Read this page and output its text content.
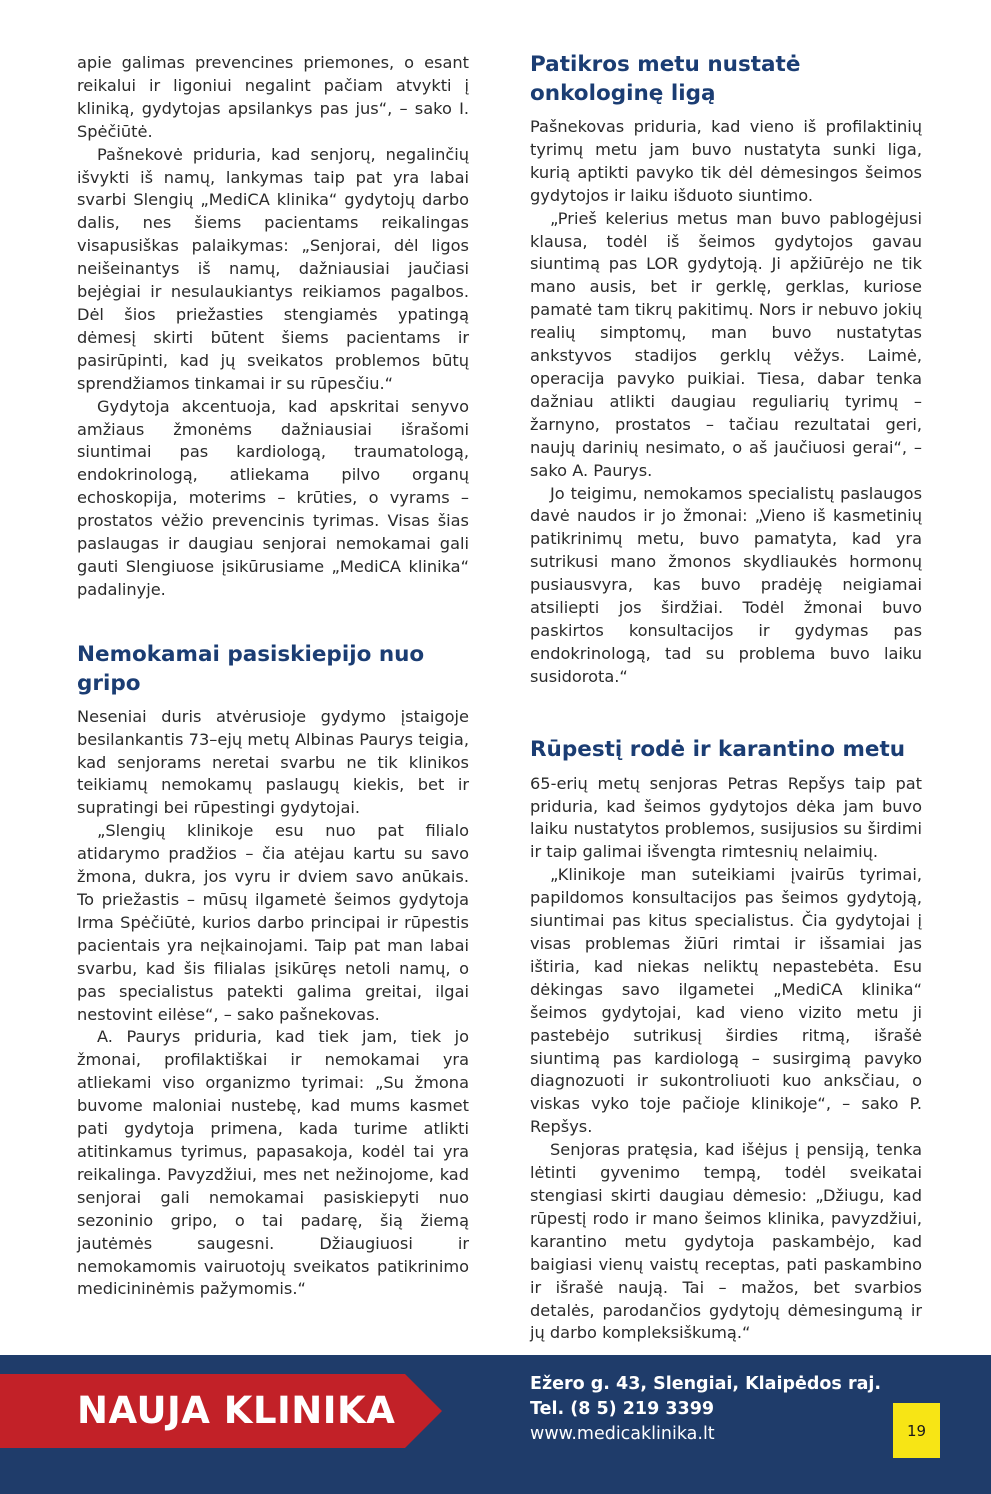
apie galimas prevencines priemones, o esant reikalui ir ligoniui negalint pačiam atvykti į kliniką, gydytojas apsilankys pas jus“, – sako I. Spėčiūtė.

Pašnekovė priduria, kad senjorų, negalinčių išvykti iš namų, lankymas taip pat yra labai svarbi Slengių „MediCA klinika“ gydytojų darbo dalis, nes šiems pacientams reikalingas visapusiškas palaikymas: „Senjorai, dėl ligos neišeinantys iš namų, dažniausiai jaučiasi bejėgiai ir nesulaukiantys reikiamos pagalbos. Dėl šios priežasties stengiamės ypatingą dėmesį skirti būtent šiems pacientams ir pasirūpinti, kad jų sveikatos problemos būtų sprendžiamos tinkamai ir su rūpesčiu.“

Gydytoja akcentuoja, kad apskritai senyvo amžiaus žmonėms dažniausiai išrašomi siuntimai pas kardiologą, traumatologą, endokrinologą, atliekama pilvo organų echoskopija, moterims – krūties, o vyrams – prostatos vėžio prevencinis tyrimas. Visas šias paslaugas ir daugiau senjorai nemokamai gali gauti Slengiuose įsikūrusiame „MediCA klinika“ padalinyje.

Nemokamai pasiskiepijo nuo gripo

Neseniai duris atvėrusioje gydymo įstaigoje besilankantis 73–ejų metų Albinas Paurys teigia, kad senjorams neretai svarbu ne tik klinikos teikiamų nemokamų paslaugų kiekis, bet ir supratingi bei rūpestingi gydytojai.

„Slengių klinikoje esu nuo pat filialo atidarymo pradžios – čia atėjau kartu su savo žmona, dukra, jos vyru ir dviem savo anūkais. To priežastis – mūsų ilgametė šeimos gydytoja Irma Spėčiūtė, kurios darbo principai ir rūpestis pacientais yra neįkainojami. Taip pat man labai svarbu, kad šis filialas įsikūręs netoli namų, o pas specialistus patekti galima greitai, ilgai nestovint eilėse“, – sako pašnekovas.

A. Paurys priduria, kad tiek jam, tiek jo žmonai, profilaktiškai ir nemokamai yra atliekami viso organizmo tyrimai: „Su žmona buvome maloniai nustebę, kad mums kasmet pati gydytoja primena, kada turime atlikti atitinkamus tyrimus, papasakoja, kodėl tai yra reikalinga. Pavyzdžiui, mes net nežinojome, kad senjorai gali nemokamai pasiskiepyti nuo sezoninio gripo, o tai padarę, šią žiemą jautėmės saugesni. Džiaugiuosi ir nemokamomis vairuotojų sveikatos patikrinimo medicininėmis pažymomis.“

Patikros metu nustatė onkologinę ligą

Pašnekovas priduria, kad vieno iš profilaktinių tyrimų metu jam buvo nustatyta sunki liga, kurią aptikti pavyko tik dėl dėmesingos šeimos gydytojos ir laiku išduoto siuntimo.

„Prieš kelerius metus man buvo pablogėjusi klausa, todėl iš šeimos gydytojos gavau siuntimą pas LOR gydytoją. Ji apžiūrėjo ne tik mano ausis, bet ir gerklę, gerklas, kuriose pamatė tam tikrų pakitimų. Nors ir nebuvo jokių realių simptomų, man buvo nustatytas ankstyvos stadijos gerklų vėžys. Laimė, operacija pavyko puikiai. Tiesa, dabar tenka dažniau atlikti daugiau reguliarių tyrimų – žarnyno, prostatos – tačiau rezultatai geri, naujų darinių nesimato, o aš jaučiuosi gerai“, – sako A. Paurys.

Jo teigimu, nemokamos specialistų paslaugos davė naudos ir jo žmonai: „Vieno iš kasmetinių patikrinimų metu, buvo pamatyta, kad yra sutrikusi mano žmonos skydliaukės hormonų pusiausvyra, kas buvo pradėję neigiamai atsiliepti jos širdžiai. Todėl žmonai buvo paskirtos konsultacijos ir gydymas pas endokrinologą, tad su problema buvo laiku susidorota.“

Rūpestį rodė ir karantino metu

65-erių metų senjoras Petras Repšys taip pat priduria, kad šeimos gydytojos dėka jam buvo laiku nustatytos problemos, susijusios su širdimi ir taip galimai išvengta rimtesnių nelaimių.

„Klinikoje man suteikiami įvairūs tyrimai, papildomos konsultacijos pas šeimos gydytoją, siuntimai pas kitus specialistus. Čia gydytojai į visas problemas žiūri rimtai ir išsamiai jas ištiria, kad niekas neliktų nepastebėta. Esu dėkingas savo ilgametei „MediCA klinika“ šeimos gydytojai, kad vieno vizito metu ji pastebėjo sutrikusį širdies ritmą, išrašė siuntimą pas kardiologą – susirgimą pavyko diagnozuoti ir sukontroliuoti kuo anksčiau, o viskas vyko toje pačioje klinikoje“, – sako P. Repšys.

Senjoras pratęsia, kad išėjus į pensiją, tenka lėtinti gyvenimo tempą, todėl sveikatai stengiasi skirti daugiau dėmesio: „Džiugu, kad rūpestį rodo ir mano šeimos klinika, pavyzdžiui, karantino metu gydytoja paskambėjo, kad baigiasi vienų vaistų receptas, pati paskambino ir išrašė naują. Tai – mažos, bet svarbios detalės, parodančios gydytojų dėmesingumą ir jų darbo kompleksiškumą.“

NAUJA KLINIKA
Ežero g. 43, Slengiai, Klaipėdos raj.
Tel. (8 5) 219 3399
www.medicaklinika.lt	19
